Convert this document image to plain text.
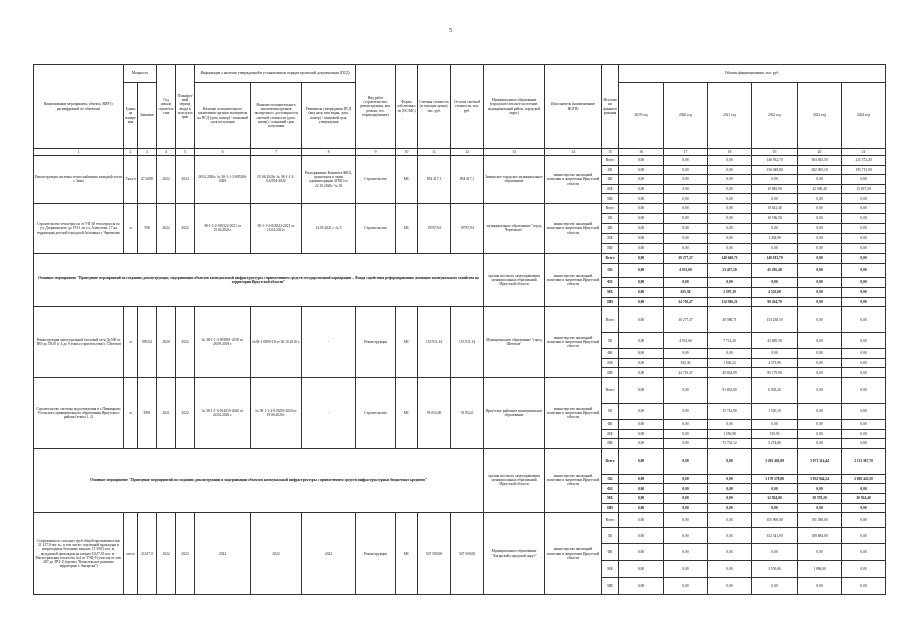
5
Наименование мероприятия, объекта, ВИР (с расшифровкой по объектам)	Мощность		Год начала строительства	Планируемый период ввода в эксплуатацию	Информация о наличии утвержденной в установленном порядке проектной документации (ПСД)			Вид работ (строительство, реконструкция, кап. ремонт, тех. перевооружение)	Форма собственности (ОС/МС)	Сметная стоимость (в текущих ценах), тыс. руб.	Остаток сметной стоимости, тыс. руб.	Муниципальное образование (городское/сельское поселение, муниципальный район, городской округ)	Исполнитель (наименование ИОГВ)	Источники финансирования	Объемы финансирования, тыс. руб.					
	Единица измерения	Значение			Наличие положительного заключения органов экспертизы на ПСД (дата, номер) / плановый срок получения	Наличие положительного заключения органов экспертизы о достоверности сметной стоимости (дата, номер) / плановый срок получения	Реквизиты утверждения ПСД (вид акта, кем издан, дата, номер) / плановый срок утверждения								2019 год	2020 год	2021 год	2022 год	2023 год	2024 год
1	2	3	4	5	6	7	8	9	10	11	12	13	14	15	16	17	18	19	20	21
Реконструкция системы теплоснабжения западной части г. Зима	Гкал/ч	47,3698	2022	2024	28.02.2020г. № 38-1-1-3-005306-2020	05.06.2020г. № 38-1-1-2-022054-2020	Распоряжение Комитета ЖКХ, транспорта и связи администрации ЗГМО от 22.10.2020г. № 18	Строительство	МС	854 417,1	854 417,1	Зиминское городское муниципальное образование	министерство жилищной политики и энергетики Иркутской области	Всего	0,00	0,00	0,00	146 932,70	304 565,50	211 372,20
														ОБ	0,00	0,00	0,00	136 048,80	282 005,10	195 715,00
														ФБ	0,00	0,00	0,00	0,00	0,00	0,00
														МБ	0,00	0,00	0,00	10 883,90	22 560,40	15 657,20
														ИИ	0,00	0,00	0,00	0,00	0,00	0,00
Строительство теплотрассы от УП-30 теплотрассы по ул. Дзержинского до УП-1 по ул. Алексеева, 17 на территории детской городской больницы г. Черемхово	м	598	2022	2022	38-1-1-2-018322-2021 от 15.04.2021г.	38-1-1-2-018322-2021 от 15.04.2021г.	14.05.2021 г. № 5	Строительство	МС	19767,94	19767,94	муниципальное образование "город Черемхово"	министерство жилищной политики и энергетики Иркутской области	Всего	0,00	0,00	0,00	19 641,40	0,00	0,00
														ОБ	0,00	0,00	0,00	18 186,50	0,00	0,00
														ФБ	0,00	0,00	0,00	0,00	0,00	0,00
														МБ	0,00	0,00	0,00	1 454,90	0,00	0,00
														ИИ	0,00	0,00	0,00	0,00	0,00	0,00
Основное мероприятие "Проведение мероприятий по созданию, реконструкции, модернизации объектов коммунальной инфраструктуры с привлечением средств государственной корпорации – Фонда содействия реформированию жилищно-коммунального хозяйства на территории Иркутской области"												органы местного самоуправления муниципальных образований Иркутской области	министерство жилищной политики и энергетики Иркутской области	Всего	0,00	30 277,37	140 640,71	140 183,70	0,00	0,00
														ОБ	0,00	4 931,60	23 457,20	45 205,40	0,00	0,00
														ФБ	0,00	0,00	0,00	0,00	0,00	0,00
														МБ	0,00	635,30	2 597,30	4 523,60	0,00	0,00
														ИИ	0,00	24 710,47	114 586,21	90 454,70	0,00	0,00
Реконструкция магистральной тепловой сети Ду500 от ТК9 до ТК10 (с 4 до 9 этапы строительства) г. Шелехов	м	909,04	2020	2022	№ 38-1-1-3-003801-2018 от 28.09.2018 г.	№38-1-0809-18 от 30.10.2018 г.	-	Реконструкция	МС	155 911,14	155 911,14	Муниципальное образование "город Шелехов"	министерство жилищной политики и энергетики Иркутской области	Всего	0,00	30 277,37	49 588,71	133 238,50	0,00	0,00
														ОБ	0,00	4 931,60	7 714,20	43 685,50	0,00	0,00
														ФБ	0,00	0,00	0,00	0,00	0,00	0,00
														МБ	0,00	635,30	1 040,22	4 373,90	0,00	0,00
														ИИ	0,00	24 710,47	40 834,09	85 179,90	0,00	0,00
Строительство системы водоотведения в с.Пивоварово Усольского муниципального образования Иркутского района (этапы 1, 2)	м	3891	2021	2022	№ 38-1-1-3-014035-2020 от 24.04.2020 г.	№ 38-1-1-2-019250-2020 от 19.06.2020 г.	-	Строительство	МС	91 052,00	91 052,0	Иркутское районное муниципальное образование	министерство жилищной политики и энергетики Иркутской области	Всего	0,00	0,00	91 052,00	6 945,20	0,00	0,00
														ОБ	0,00	0,00	15 742,90	1 520,10	0,00	0,00
														ФБ	0,00	0,00	0,00	0,00	0,00	0,00
														МБ	0,00	0,00	1 556,98	150,50	0,00	0,00
														ИИ	0,00	0,00	73 752,12	5 274,80	0,00	0,00
Основное мероприятие "Проведение мероприятий по созданию, реконструкции и модернизации объектов коммунальной инфраструктуры с привлечением средств инфраструктурных бюджетных кредитов"												органы местного самоуправления муниципальных образований Иркутской области	министерство жилищной политики и энергетики Иркутской области	Всего	0,00	0,00	0,00	3 203 402,08	3 071 314,44	2 113 367,70
														ОБ	0,00	0,00	0,00	3 170 578,08	3 032 944,24	2 092 443,50
														ФБ	0,00	0,00	0,00	0,00	0,00	0,00
														МБ	0,00	0,00	0,00	32 824,00	38 370,20	20 924,40
														ИИ	0,00	0,00	0,00	0,00	0,00	0,00
Сооружения по сельских труб общей протяженностью 21 417,9 пог. м., в том числе: подземной прокладки в непроходных бетонных каналах 13 590,5 пог. м, воздушной прокладки на опорах 8 027,35 пог. м - Магистральная теплосеть №4 от ТЭЦ-9 (участок от пав. 287 до ТРЗ-1) (проект "Комплексное развитие территории г. Ангарска")	пог.м	21417,9	2022	2023	2022	2022	2022	Реконструкция	МС	547 500,00	547 500,00	Муниципальное образование "Ангарский городской округ"	министерство жилищной политики и энергетики Иркутской области	Всего	0,00	0,00	0,00	355 900,00	191 580,00	0,00
														ОБ	0,00	0,00	0,00	352 341,00	189 684,00	0,00
														ФБ	0,00	0,00	0,00	0,00	0,00	0,00
														МБ	0,00	0,00	0,00	3 559,00	1 896,00	0,00
														ИИ	0,00	0,00	0,00	0,00	0,00	0,00
